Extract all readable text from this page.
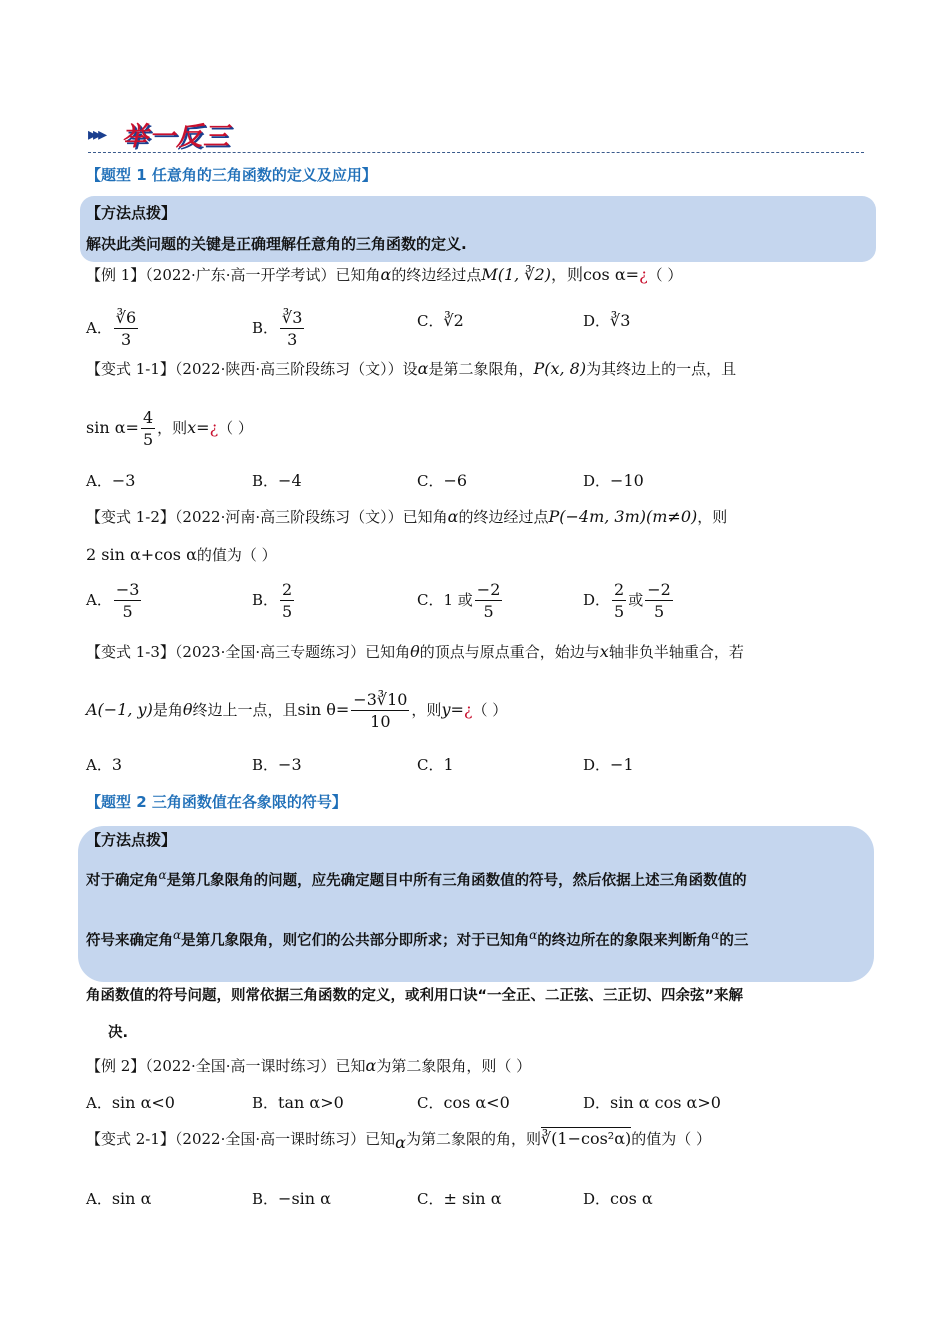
▸▸▸ 举一反三
【题型 1 任意角的三角函数的定义及应用】
【方法点拨】
解决此类问题的关键是正确理解任意角的三角函数的定义.
【例 1】（2022·广东·高一开学考试）已知角α的终边经过点M(1, ∛2)，则cos α=¿（ ）
A． $\frac{∛6}{3}$	B． $\frac{∛3}{3}$	C．∛2	D．∛3
【变式 1-1】（2022·陕西·高三阶段练习（文））设α是第二象限角，P(x, 8)为其终边上的一点，且
$\sin \alpha= \frac{4}{5}$ ，则x=¿（ ）
A．−3	B．−4	C．−6	D．−10
【变式 1-2】（2022·河南·高三阶段练习（文））已知角α的终边经过点P(−4m, 3m)(m≠0)，则
2 sin α+cos α的值为（ ）
A． $\frac{-3}{5}$	B． $\frac{2}{5}$	C．1 或 $\frac{-2}{5}$	D． $\frac{2}{5}$ 或 $\frac{-2}{5}$
【变式 1-3】（2023·全国·高三专题练习）已知角θ的顶点与原点重合，始边与x轴非负半轴重合，若
A(−1, y)是角θ终边上一点，且$\sin \theta= \frac{-3∛10}{10}$ ，则y=¿（ ）
A．3	B．−3	C．1	D．−1
【题型 2 三角函数值在各象限的符号】
【方法点拨】
对于确定角$^\alpha$是第几象限角的问题，应先确定题目中所有三角函数值的符号，然后依据上述三角函数值的
符号来确定角$^\alpha$是第几象限角，则它们的公共部分即所求；对于已知角$^\alpha$的终边所在的象限来判断角$^\alpha$的三
角函数值的符号问题，则常依据三角函数的定义，或利用口诀“一全正、二正弦、三正切、四余弦”来解
决.
【例 2】（2022·全国·高一课时练习）已知α为第二象限角，则（ ）
A．sin α<0	B．tan α>0	C．cos α<0	D．sin α cos α>0
【变式 2-1】（2022·全国·高一课时练习）已知$_\alpha$为第二象限的角，则∛(1−cos²α)的值为（ ）
A．sin α	B．−sin α	C．± sin α	D．cos α
